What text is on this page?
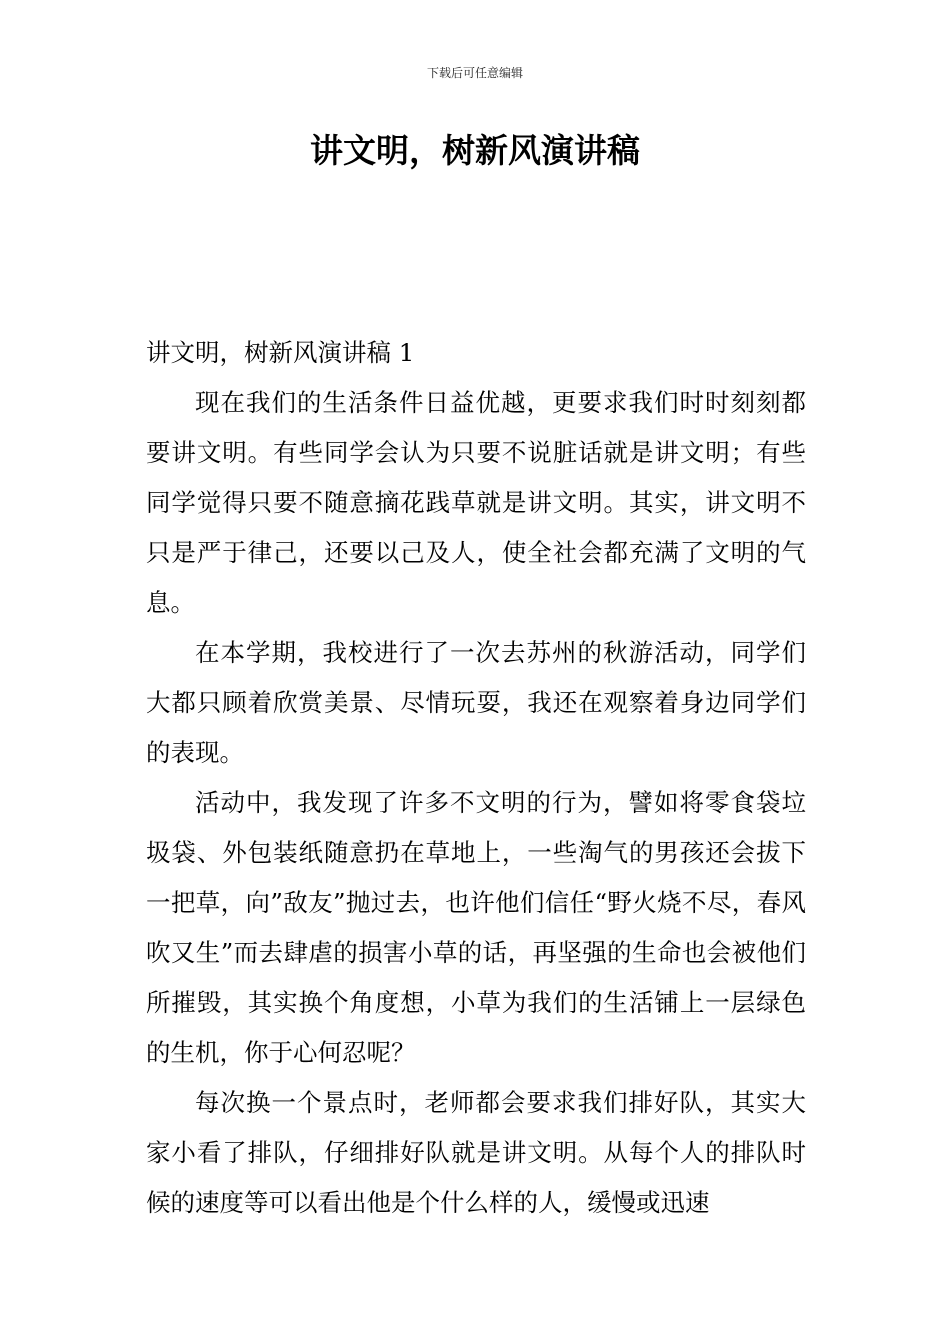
下载后可任意编辑
讲文明，树新风演讲稿

讲文明，树新风演讲稿 1

现在我们的生活条件日益优越，更要求我们时时刻刻都要讲文明。有些同学会认为只要不说脏话就是讲文明；有些同学觉得只要不随意摘花践草就是讲文明。其实，讲文明不只是严于律己，还要以己及人，使全社会都充满了文明的气息。

在本学期，我校进行了一次去苏州的秋游活动，同学们大都只顾着欣赏美景、尽情玩耍，我还在观察着身边同学们的表现。

活动中，我发现了许多不文明的行为，譬如将零食袋垃圾袋、外包装纸随意扔在草地上，一些淘气的男孩还会拔下一把草，向”敌友”抛过去，也许他们信任“野火烧不尽，春风吹又生”而去肆虐的损害小草的话，再坚强的生命也会被他们所摧毁，其实换个角度想，小草为我们的生活铺上一层绿色的生机，你于心何忍呢？

每次换一个景点时，老师都会要求我们排好队，其实大家小看了排队，仔细排好队就是讲文明。从每个人的排队时候的速度等可以看出他是个什么样的人，缓慢或迅速
